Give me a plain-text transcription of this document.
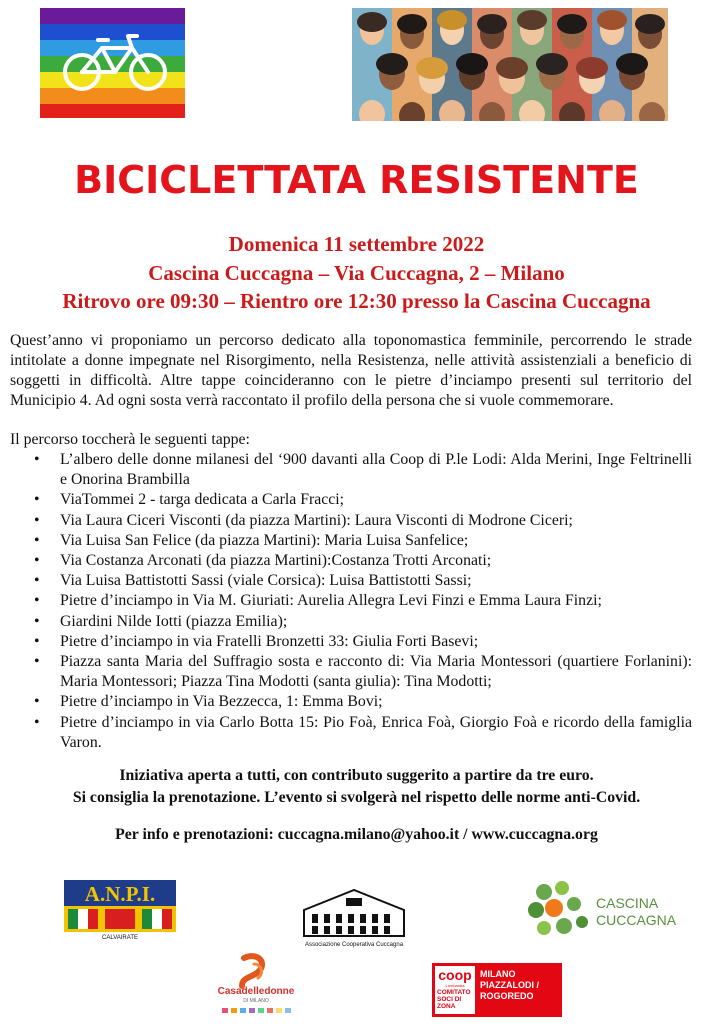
BICICLETTATA RESISTENTE
Domenica 11 settembre 2022
Cascina Cuccagna – Via Cuccagna, 2 – Milano
Ritrovo ore 09:30 – Rientro ore 12:30 presso la Cascina Cuccagna

Quest’anno vi proponiamo un percorso dedicato alla toponomastica femminile, percorrendo le strade intitolate a donne impegnate nel Risorgimento, nella Resistenza, nelle attività assistenziali a beneficio di soggetti in difficoltà. Altre tappe coincideranno con le pietre d’inciampo presenti sul territorio del Municipio 4. Ad ogni sosta verrà raccontato il profilo della persona che si vuole commemorare.

Il percorso toccherà le seguenti tappe:
• L’albero delle donne milanesi del ‘900 davanti alla Coop di P.le Lodi: Alda Merini, Inge Feltrinelli e Onorina Brambilla
• ViaTommei 2 - targa dedicata a Carla Fracci;
• Via Laura Ciceri Visconti (da piazza Martini): Laura Visconti di Modrone Ciceri;
• Via Luisa San Felice (da piazza Martini): Maria Luisa Sanfelice;
• Via Costanza Arconati (da piazza Martini):Costanza Trotti Arconati;
• Via Luisa Battistotti Sassi (viale Corsica): Luisa Battistotti Sassi;
• Pietre d’inciampo in Via M. Giuriati: Aurelia Allegra Levi Finzi e Emma Laura Finzi;
• Giardini Nilde Iotti (piazza Emilia);
• Pietre d’inciampo in via Fratelli Bronzetti 33: Giulia Forti Basevi;
• Piazza santa Maria del Suffragio sosta e racconto di: Via Maria Montessori (quartiere Forlanini): Maria Montessori; Piazza Tina Modotti (santa giulia): Tina Modotti;
• Pietre d’inciampo in Via Bezzecca, 1: Emma Bovi;
• Pietre d’inciampo in via Carlo Botta 15: Pio Foà, Enrica Foà, Giorgio Foà e ricordo della famiglia Varon.
Iniziativa aperta a tutti, con contributo suggerito a partire da tre euro.
Si consiglia la prenotazione. L’evento si svolgerà nel rispetto delle norme anti-Covid.
Per info e prenotazioni: cuccagna.milano@yahoo.it / www.cuccagna.org
A.N.P.I.
CALVAIRATE
Associazione Cooperativa Cuccagna
CASCINA
CUCCAGNA
Casadelledonne
DI MILANO
coop
Lombardia
COMITATO SOCI DI ZONA
MILANO PIAZZALODI / ROGOREDO
